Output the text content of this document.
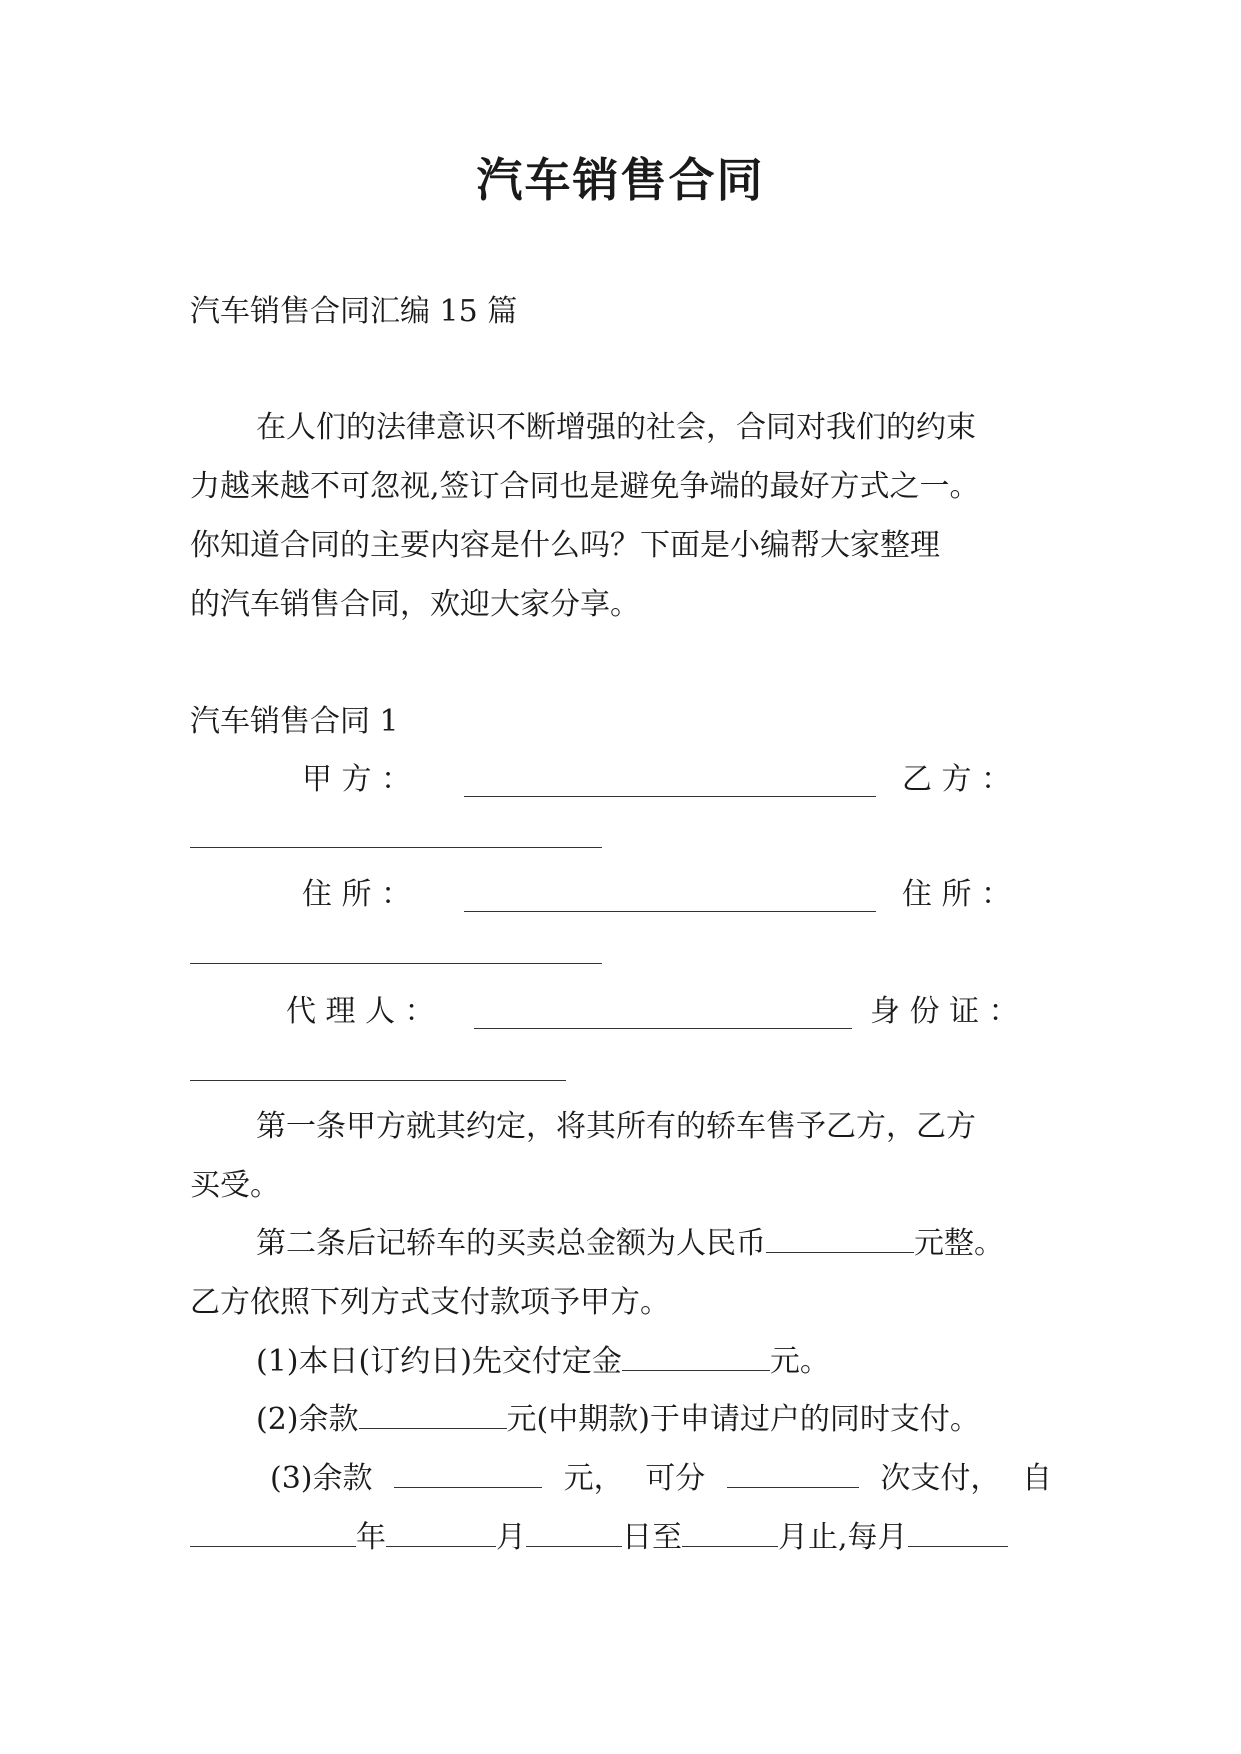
汽车销售合同
汽车销售合同汇编 15 篇
在人们的法律意识不断增强的社会，合同对我们的约束
力越来越不可忽视,签订合同也是避免争端的最好方式之一。
你知道合同的主要内容是什么吗？下面是小编帮大家整理
的汽车销售合同，欢迎大家分享。
汽车销售合同 1
甲 方 ：	乙 方 ：
住 所 ：	住 所 ：
代 理 人 ：	身 份 证 ：
第一条甲方就其约定，将其所有的轿车售予乙方，乙方
买受。
第二条后记轿车的买卖总金额为人民币	元整。
乙方依照下列方式支付款项予甲方。
(1)本日(订约日)先交付定金	元。
(2)余款	元(中期款)于申请过户的同时支付。
(3)余款	元， 可分	次支付， 自
年	月	日至	月止,每月
